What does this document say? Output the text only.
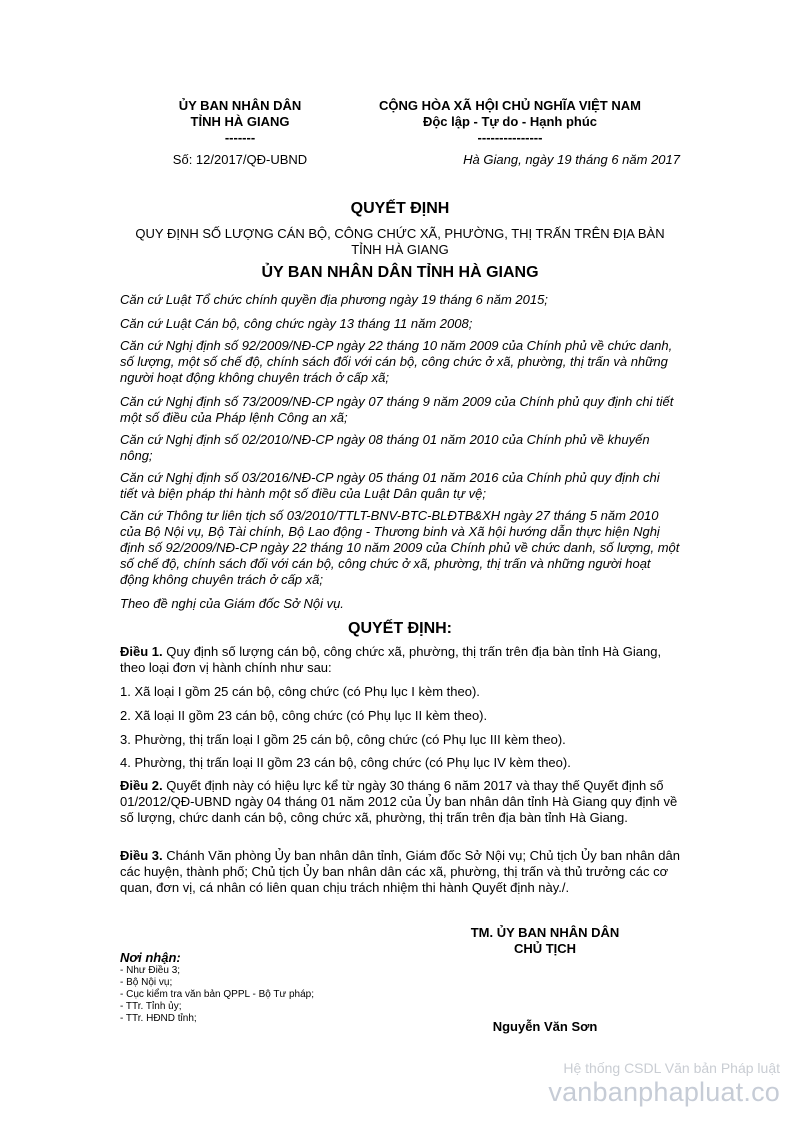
ỦY BAN NHÂN DÂN
TỈNH HÀ GIANG
-------
CỘNG HÒA XÃ HỘI CHỦ NGHĨA VIỆT NAM
Độc lập - Tự do - Hạnh phúc
---------------
Số: 12/2017/QĐ-UBND	Hà Giang, ngày 19 tháng 6 năm 2017
QUYẾT ĐỊNH
QUY ĐỊNH SỐ LƯỢNG CÁN BỘ, CÔNG CHỨC XÃ, PHƯỜNG, THỊ TRẤN TRÊN ĐỊA BÀN
TỈNH HÀ GIANG
ỦY BAN NHÂN DÂN TỈNH HÀ GIANG

Căn cứ Luật Tổ chức chính quyền địa phương ngày 19 tháng 6 năm 2015;

Căn cứ Luật Cán bộ, công chức ngày 13 tháng 11 năm 2008;

Căn cứ Nghị định số 92/2009/NĐ-CP ngày 22 tháng 10 năm 2009 của Chính phủ về chức danh, số lượng, một số chế độ, chính sách đối với cán bộ, công chức ở xã, phường, thị trấn và những người hoạt động không chuyên trách ở cấp xã;

Căn cứ Nghị định số 73/2009/NĐ-CP ngày 07 tháng 9 năm 2009 của Chính phủ quy định chi tiết một số điều của Pháp lệnh Công an xã;

Căn cứ Nghị định số 02/2010/NĐ-CP ngày 08 tháng 01 năm 2010 của Chính phủ về khuyến nông;

Căn cứ Nghị định số 03/2016/NĐ-CP ngày 05 tháng 01 năm 2016 của Chính phủ quy định chi tiết và biện pháp thi hành một số điều của Luật Dân quân tự vệ;

Căn cứ Thông tư liên tịch số 03/2010/TTLT-BNV-BTC-BLĐTB&XH ngày 27 tháng 5 năm 2010 của Bộ Nội vụ, Bộ Tài chính, Bộ Lao động - Thương binh và Xã hội hướng dẫn thực hiện Nghị định số 92/2009/NĐ-CP ngày 22 tháng 10 năm 2009 của Chính phủ về chức danh, số lượng, một số chế độ, chính sách đối với cán bộ, công chức ở xã, phường, thị trấn và những người hoạt động không chuyên trách ở cấp xã;

Theo đề nghị của Giám đốc Sở Nội vụ.

QUYẾT ĐỊNH:

Điều 1. Quy định số lượng cán bộ, công chức xã, phường, thị trấn trên địa bàn tỉnh Hà Giang, theo loại đơn vị hành chính như sau:

1. Xã loại I gồm 25 cán bộ, công chức (có Phụ lục I kèm theo).

2. Xã loại II gồm 23 cán bộ, công chức (có Phụ lục II kèm theo).

3. Phường, thị trấn loại I gồm 25 cán bộ, công chức (có Phụ lục III kèm theo).

4. Phường, thị trấn loại II gồm 23 cán bộ, công chức (có Phụ lục IV kèm theo).

Điều 2. Quyết định này có hiệu lực kể từ ngày 30 tháng 6 năm 2017 và thay thế Quyết định số 01/2012/QĐ-UBND ngày 04 tháng 01 năm 2012 của Ủy ban nhân dân tỉnh Hà Giang quy định về số lượng, chức danh cán bộ, công chức xã, phường, thị trấn trên địa bàn tỉnh Hà Giang.

Điều 3. Chánh Văn phòng Ủy ban nhân dân tỉnh, Giám đốc Sở Nội vụ; Chủ tịch Ủy ban nhân dân các huyện, thành phố; Chủ tịch Ủy ban nhân dân các xã, phường, thị trấn và thủ trưởng các cơ quan, đơn vị, cá nhân có liên quan chịu trách nhiệm thi hành Quyết định này./.

Nơi nhận:
- Như Điều 3;
- Bộ Nội vụ;
- Cục kiểm tra văn bản QPPL - Bộ Tư pháp;
- TTr. Tỉnh ủy;
- TTr. HĐND tỉnh;
TM. ỦY BAN NHÂN DÂN
CHỦ TỊCH
Nguyễn Văn Sơn
Hệ thống CSDL Văn bản Pháp luật
vanbanphapluat.co
